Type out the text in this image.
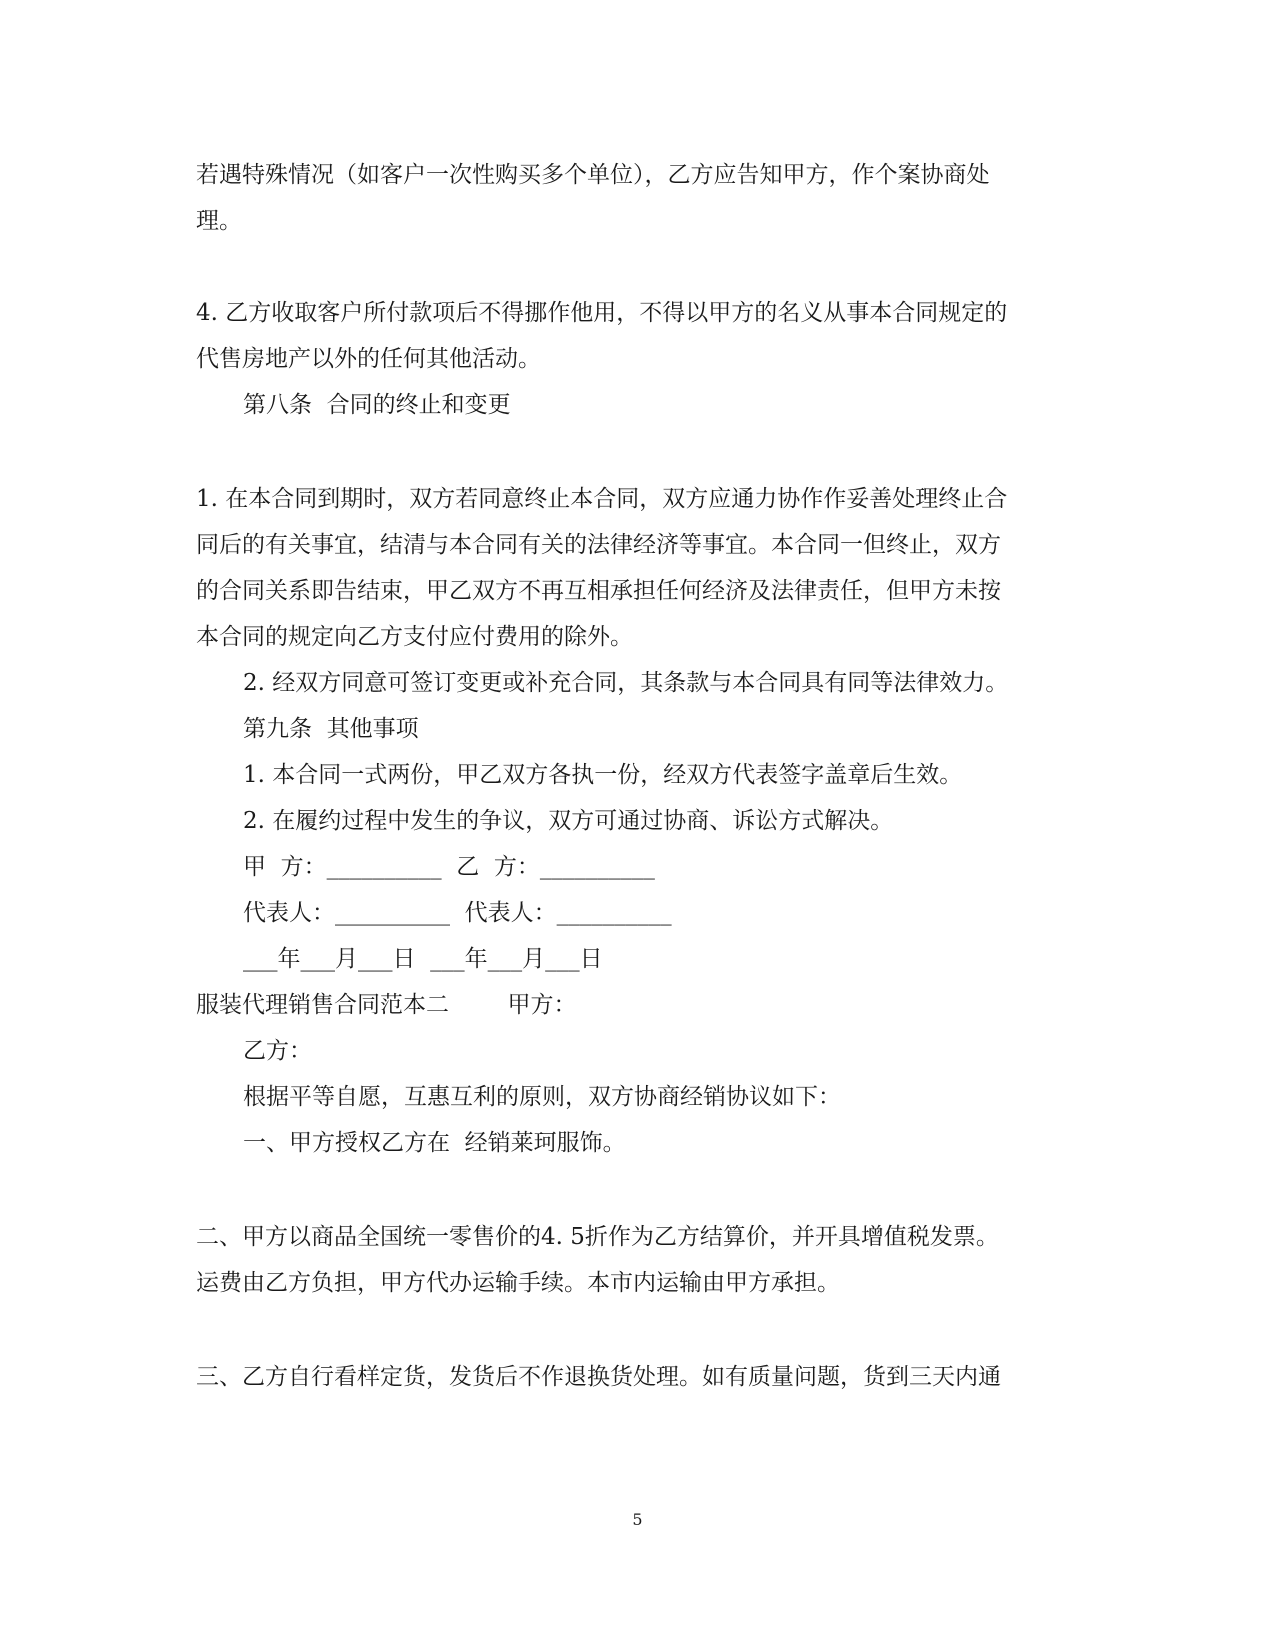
若遇特殊情况（如客户一次性购买多个单位），乙方应告知甲方，作个案协商处

理。

4. 乙方收取客户所付款项后不得挪作他用，不得以甲方的名义从事本合同规定的

代售房地产以外的任何其他活动。

第八条  合同的终止和变更

1. 在本合同到期时，双方若同意终止本合同，双方应通力协作作妥善处理终止合

同后的有关事宜，结清与本合同有关的法律经济等事宜。本合同一但终止，双方

的合同关系即告结束，甲乙双方不再互相承担任何经济及法律责任，但甲方未按

本合同的规定向乙方支付应付费用的除外。

2. 经双方同意可签订变更或补充合同，其条款与本合同具有同等法律效力。

第九条  其他事项

1. 本合同一式两份，甲乙双方各执一份，经双方代表签字盖章后生效。

2. 在履约过程中发生的争议，双方可通过协商、诉讼方式解决。

甲  方：__________  乙  方：__________

代表人：__________  代表人：__________

___年___月___日  ___年___月___日

服装代理销售合同范本二        甲方：

乙方：

根据平等自愿，互惠互利的原则，双方协商经销协议如下：

一、甲方授权乙方在  经销莱珂服饰。

二、甲方以商品全国统一零售价的4. 5折作为乙方结算价，并开具增值税发票。

运费由乙方负担，甲方代办运输手续。本市内运输由甲方承担。

三、乙方自行看样定货，发货后不作退换货处理。如有质量问题，货到三天内通

5
